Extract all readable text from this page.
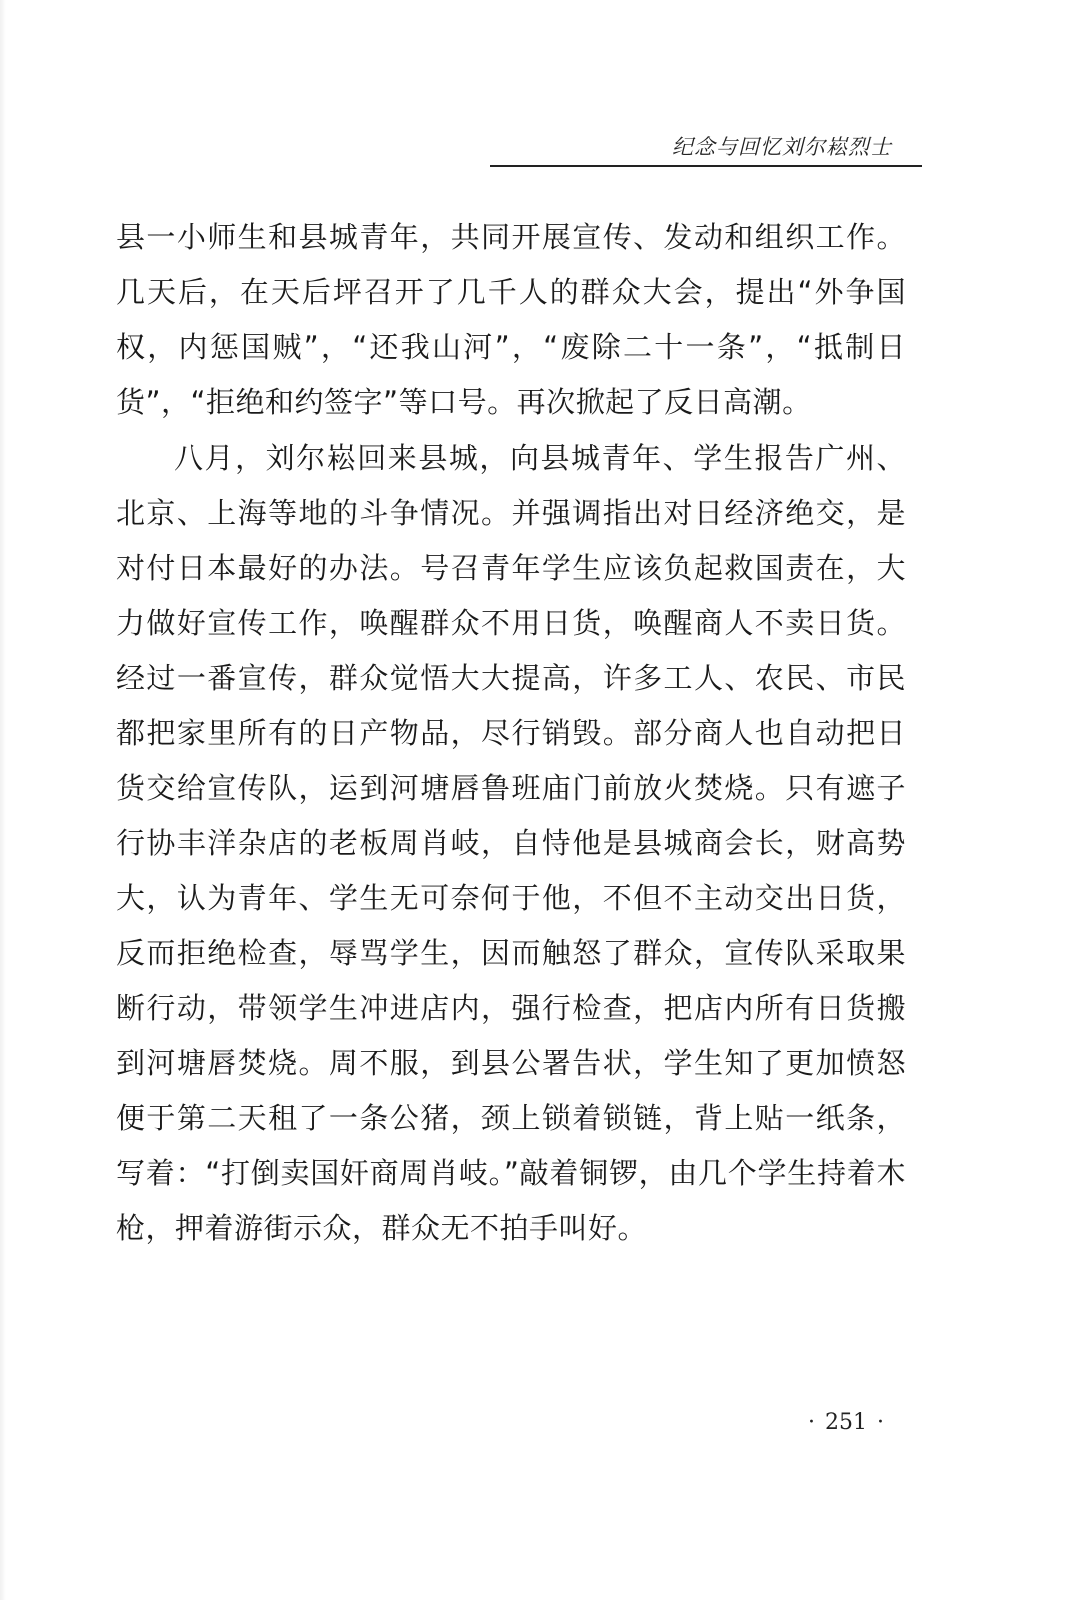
纪念与回忆刘尔崧烈士

县一小师生和县城青年，共同开展宣传、发动和组织工作。几天后，在天后坪召开了几千人的群众大会，提出“外争国权，内惩国贼”，“还我山河”，“废除二十一条”，“抵制日货”，“拒绝和约签字”等口号。再次掀起了反日高潮。

八月，刘尔崧回来县城，向县城青年、学生报告广州、北京、上海等地的斗争情况。并强调指出对日经济绝交，是对付日本最好的办法。号召青年学生应该负起救国责在，大力做好宣传工作，唤醒群众不用日货，唤醒商人不卖日货。经过一番宣传，群众觉悟大大提高，许多工人、农民、市民都把家里所有的日产物品，尽行销毁。部分商人也自动把日货交给宣传队，运到河塘唇鲁班庙门前放火焚烧。只有遮子行协丰洋杂店的老板周肖岐，自恃他是县城商会长，财高势大，认为青年、学生无可奈何于他，不但不主动交出日货，反而拒绝检查，辱骂学生，因而触怒了群众，宣传队采取果断行动，带领学生冲进店内，强行检查，把店内所有日货搬到河塘唇焚烧。周不服，到县公署告状，学生知了更加愤怒便于第二天租了一条公猪，颈上锁着锁链，背上贴一纸条，写着：“打倒卖国奸商周肖岐。”敲着铜锣，由几个学生持着木枪，押着游街示众，群众无不拍手叫好。

· 251 ·
